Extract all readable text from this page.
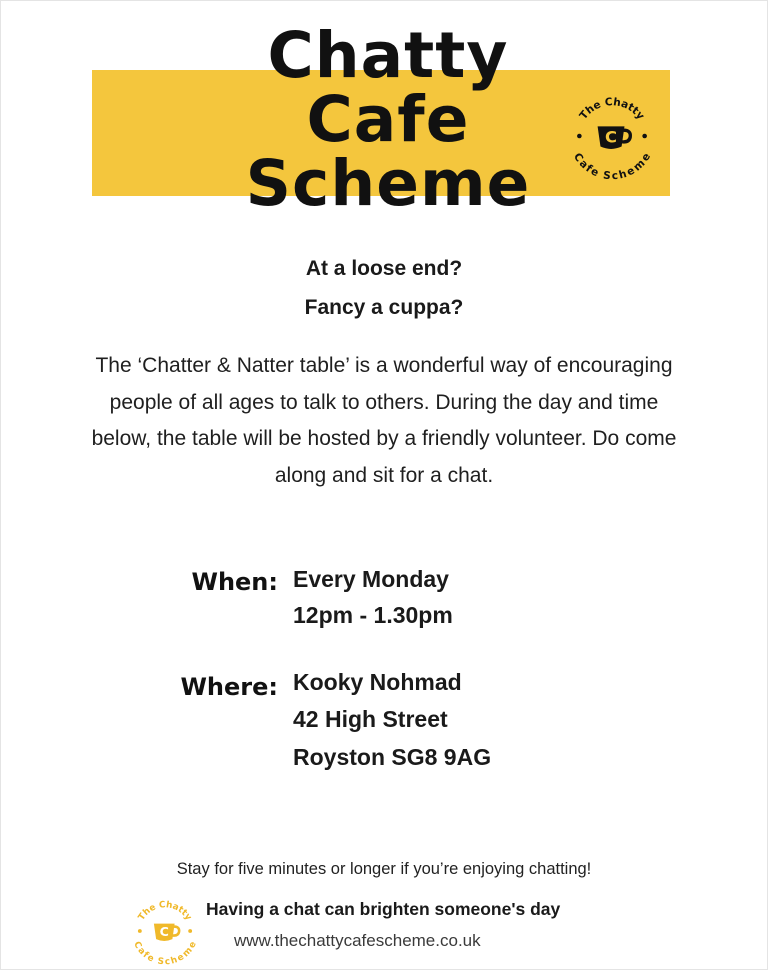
Chatty
Cafe
Scheme
The Chatty
Cafe Scheme
C
At a loose end?
Fancy a cuppa?
The ‘Chatter & Natter table’ is a wonderful way of encouraging people of all ages to talk to others. During the day and time below, the table will be hosted by a friendly volunteer. Do come along and sit for a chat.
When: Every Monday
12pm - 1.30pm
Where: Kooky Nohmad
42 High Street
Royston SG8 9AG
Stay for five minutes or longer if you’re enjoying chatting!
The Chatty
Cafe Scheme
C
Having a chat can brighten someone's day
www.thechattycafescheme.co.uk
